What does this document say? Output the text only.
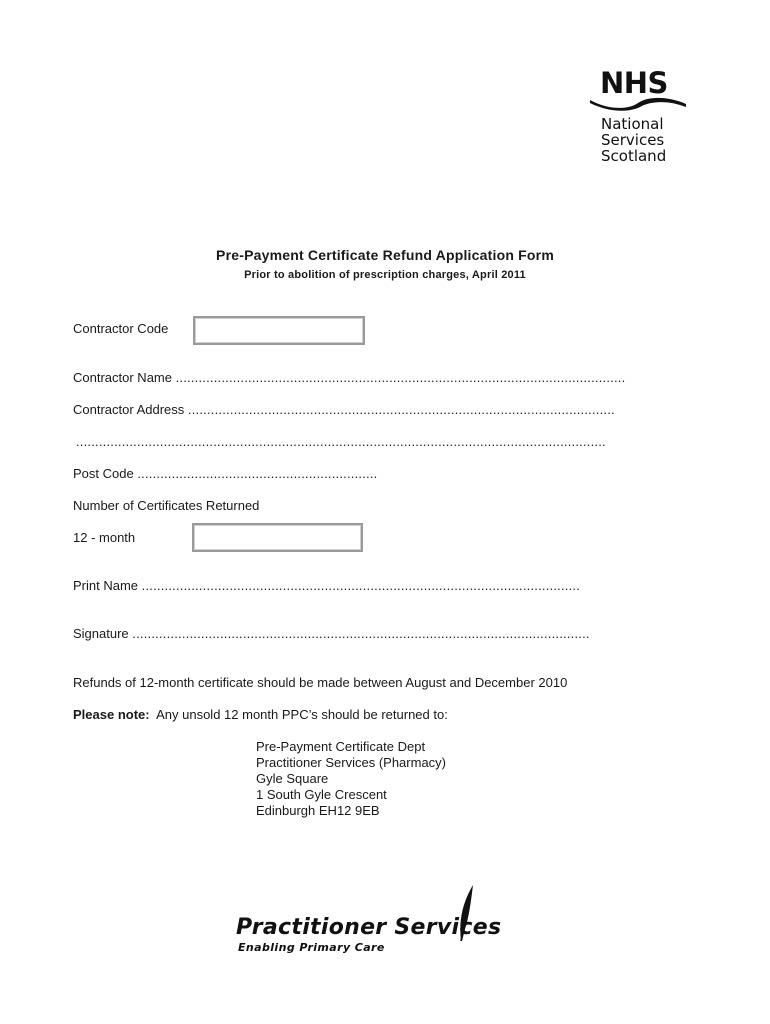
NHS
National
Services
Scotland
Pre-Payment Certificate Refund Application Form
Prior to abolition of prescription charges, April 2011
Contractor Code
Contractor Name ......................................................................................................................
Contractor Address ................................................................................................................
...........................................................................................................................................
Post Code ...............................................................
Number of Certificates Returned
12 - month
Print Name ...................................................................................................................
Signature ........................................................................................................................
Refunds of 12-month certificate should be made between August and December 2010
Please note: Any unsold 12 month PPC’s should be returned to:
Pre-Payment Certificate Dept
Practitioner Services (Pharmacy)
Gyle Square
1 South Gyle Crescent
Edinburgh EH12 9EB
Practitioner Services
Enabling Primary Care
